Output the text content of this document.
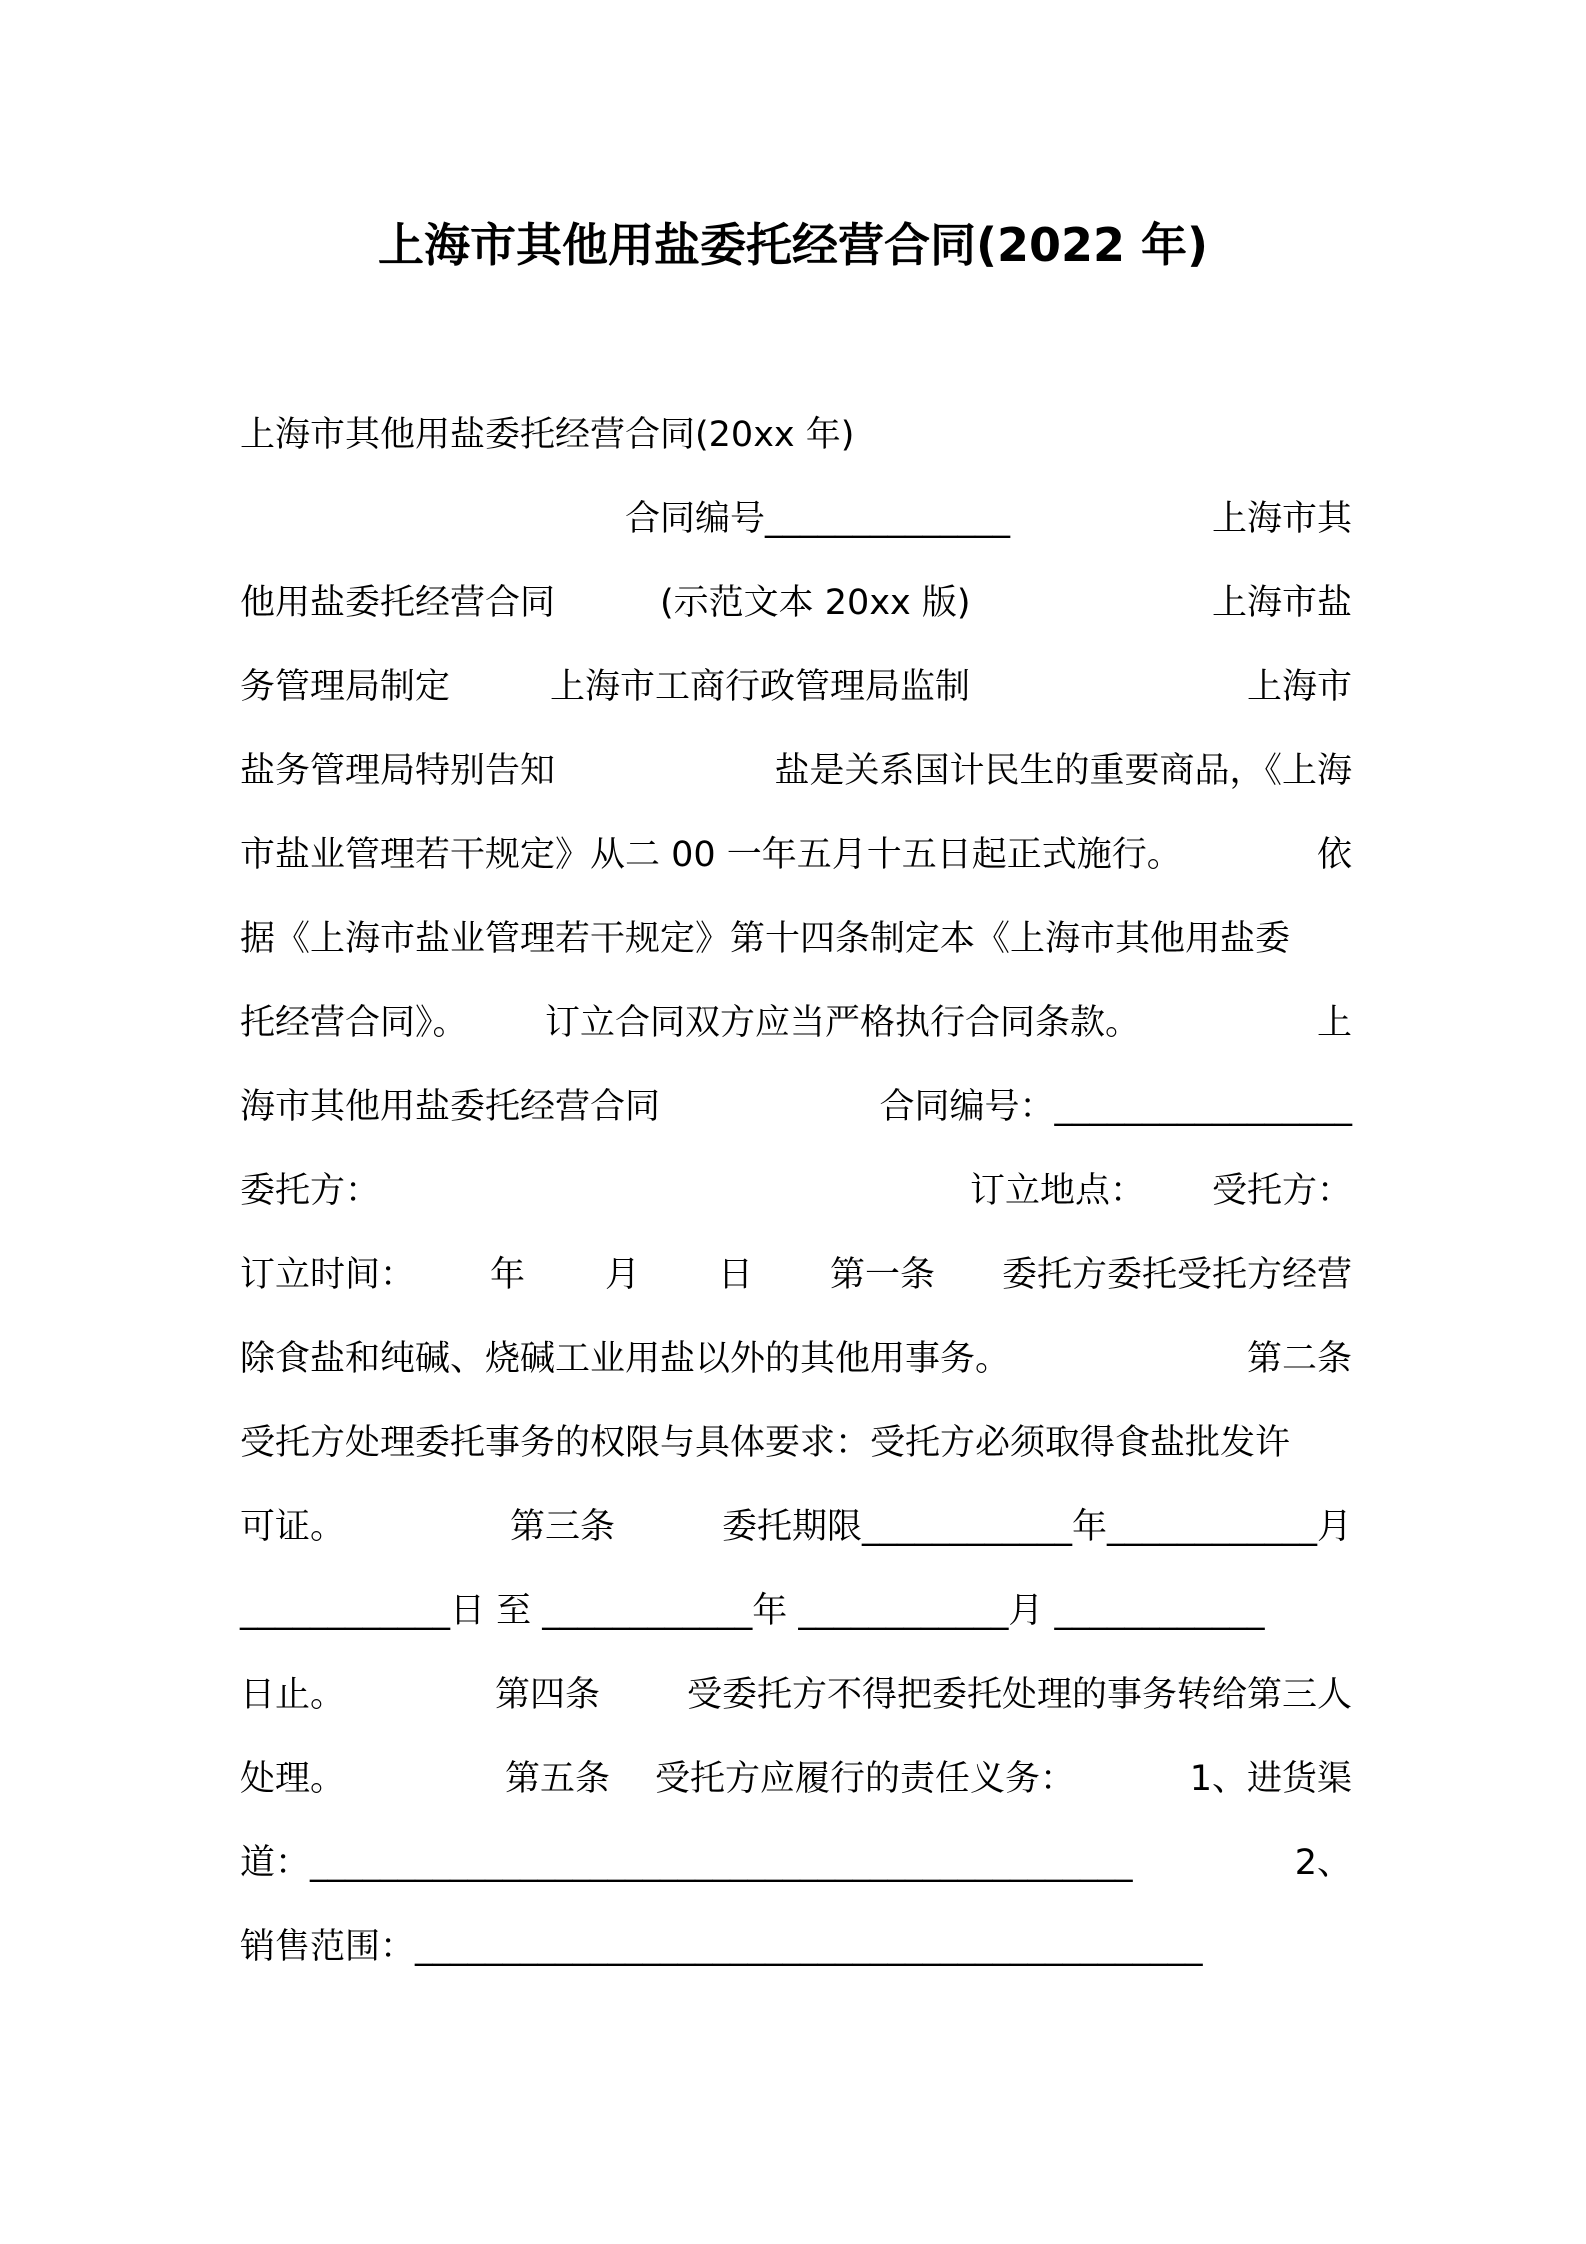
上海市其他用盐委托经营合同(2022 年)
上海市其他用盐委托经营合同(20xx 年)
合同编号______________	上海市其
他用盐委托经营合同	(示范文本 20xx 版)	上海市盐
务管理局制定	上海市工商行政管理局监制	上海市
盐务管理局特别告知	盐是关系国计民生的重要商品，《上海
市盐业管理若干规定》从二 00 一年五月十五日起正式施行。	依
据《上海市盐业管理若干规定》第十四条制定本《上海市其他用盐委
托经营合同》。 订立合同双方应当严格执行合同条款。	上
海市其他用盐委托经营合同	合同编号：_________________
委托方：	订立地点： 受托方：
订立时间： 年 月 日 第一条 委托方委托受托方经营
除食盐和纯碱、烧碱工业用盐以外的其他用事务。	第二条
受托方处理委托事务的权限与具体要求：受托方必须取得食盐批发许
可证。	第三条	委托期限____________年____________月
____________日 至 ____________年 ____________月 ____________
日止。	第四条 受委托方不得把委托处理的事务转给第三人
处理。	第五条 受托方应履行的责任义务：	1、进货渠
道：_______________________________________________	2、
销售范围：_____________________________________________
